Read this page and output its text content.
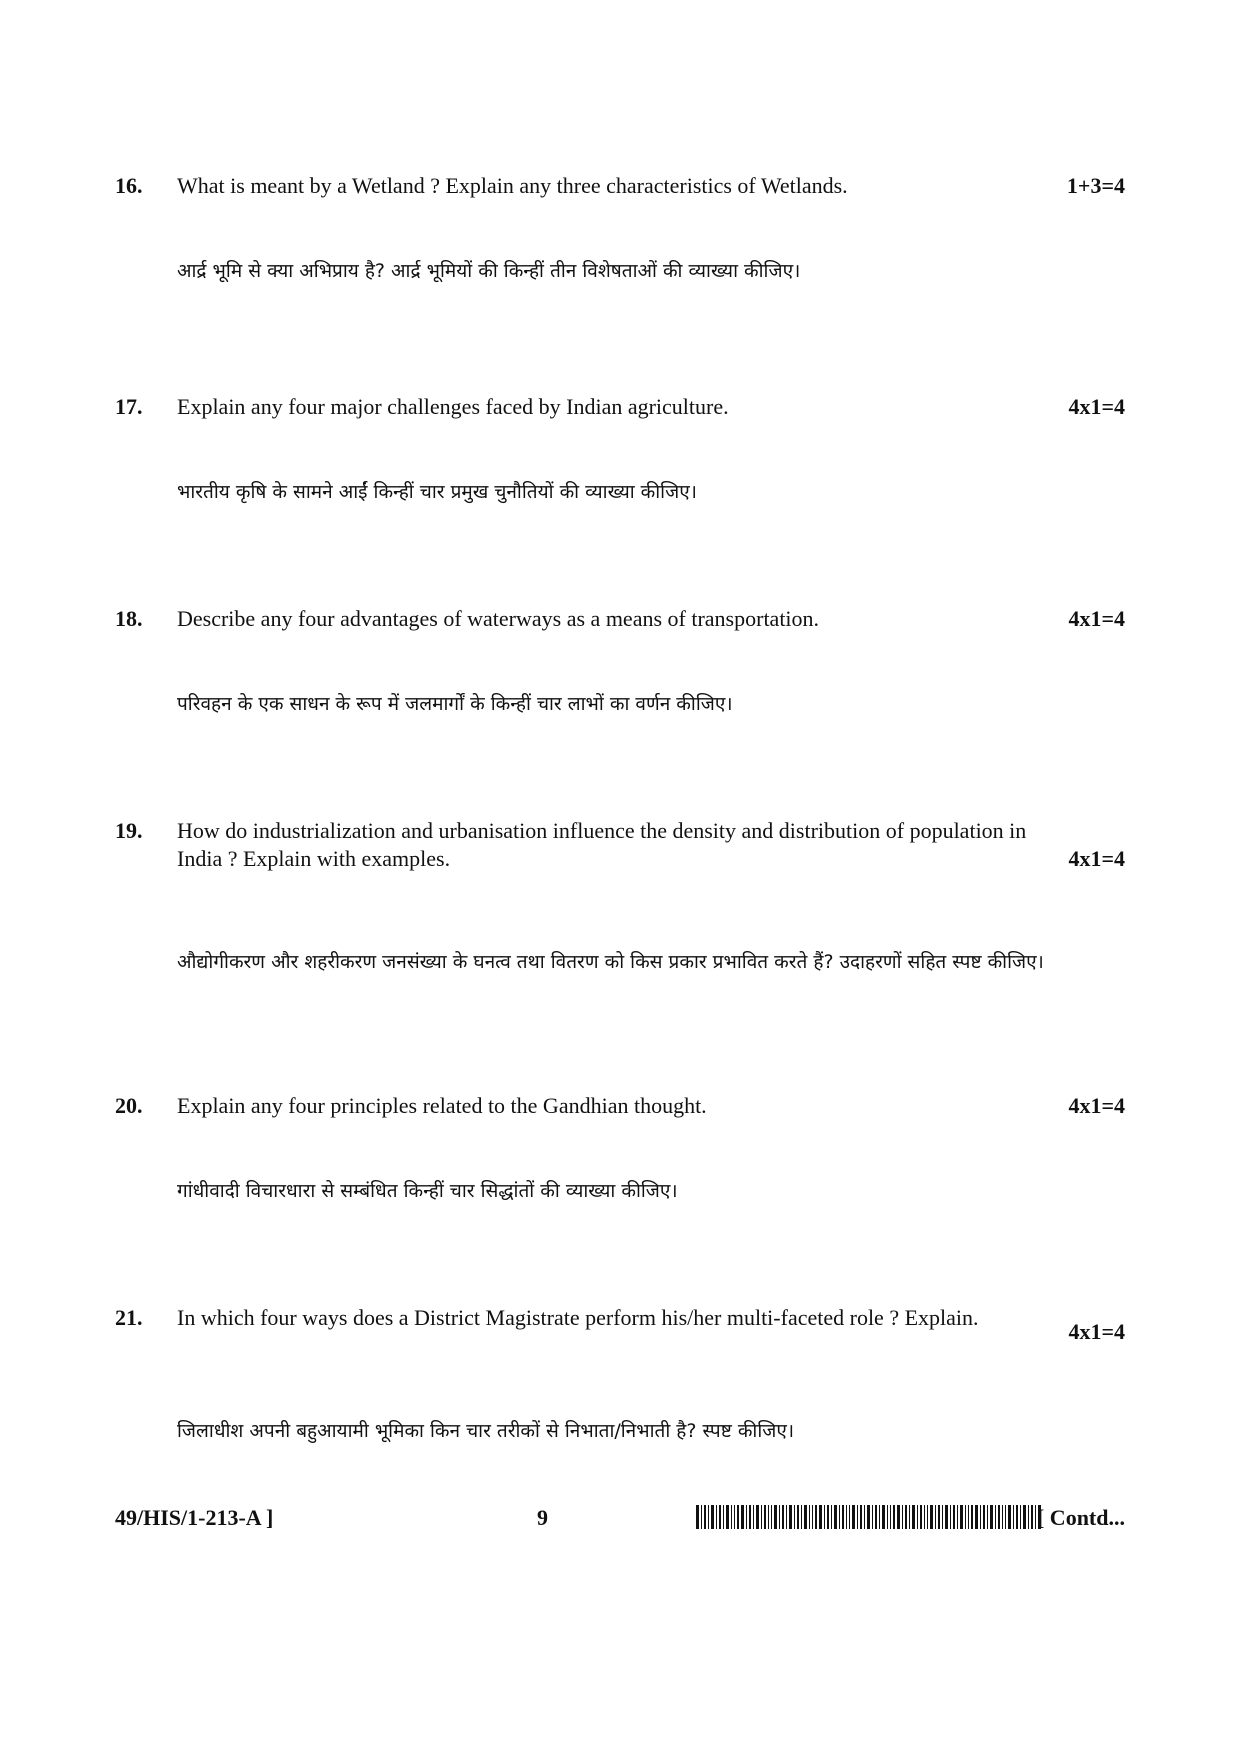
16.	What is meant by a Wetland ? Explain any three characteristics of Wetlands.	1+3=4
आर्द्र भूमि से क्या अभिप्राय है? आर्द्र भूमियों की किन्हीं तीन विशेषताओं की व्याख्या कीजिए।
17.	Explain any four major challenges faced by Indian agriculture.	4x1=4
भारतीय कृषि के सामने आईं किन्हीं चार प्रमुख चुनौतियों की व्याख्या कीजिए।
18.	Describe any four advantages of waterways as a means of transportation.	4x1=4
परिवहन के एक साधन के रूप में जलमार्गों के किन्हीं चार लाभों का वर्णन कीजिए।
19.	How do industrialization and urbanisation influence the density and distribution of population in India ? Explain with examples.	4x1=4
औद्योगीकरण और शहरीकरण जनसंख्या के घनत्व तथा वितरण को किस प्रकार प्रभावित करते हैं? उदाहरणों सहित स्पष्ट कीजिए।
20.	Explain any four principles related to the Gandhian thought.	4x1=4
गांधीवादी विचारधारा से सम्बंधित किन्हीं चार सिद्धांतों की व्याख्या कीजिए।
21.	In which four ways does a District Magistrate perform his/her multi-faceted role ? Explain.
4x1=4
जिलाधीश अपनी बहुआयामी भूमिका किन चार तरीकों से निभाता/निभाती है? स्पष्ट कीजिए।
49/HIS/1-213-A ]	9	[ Contd...
